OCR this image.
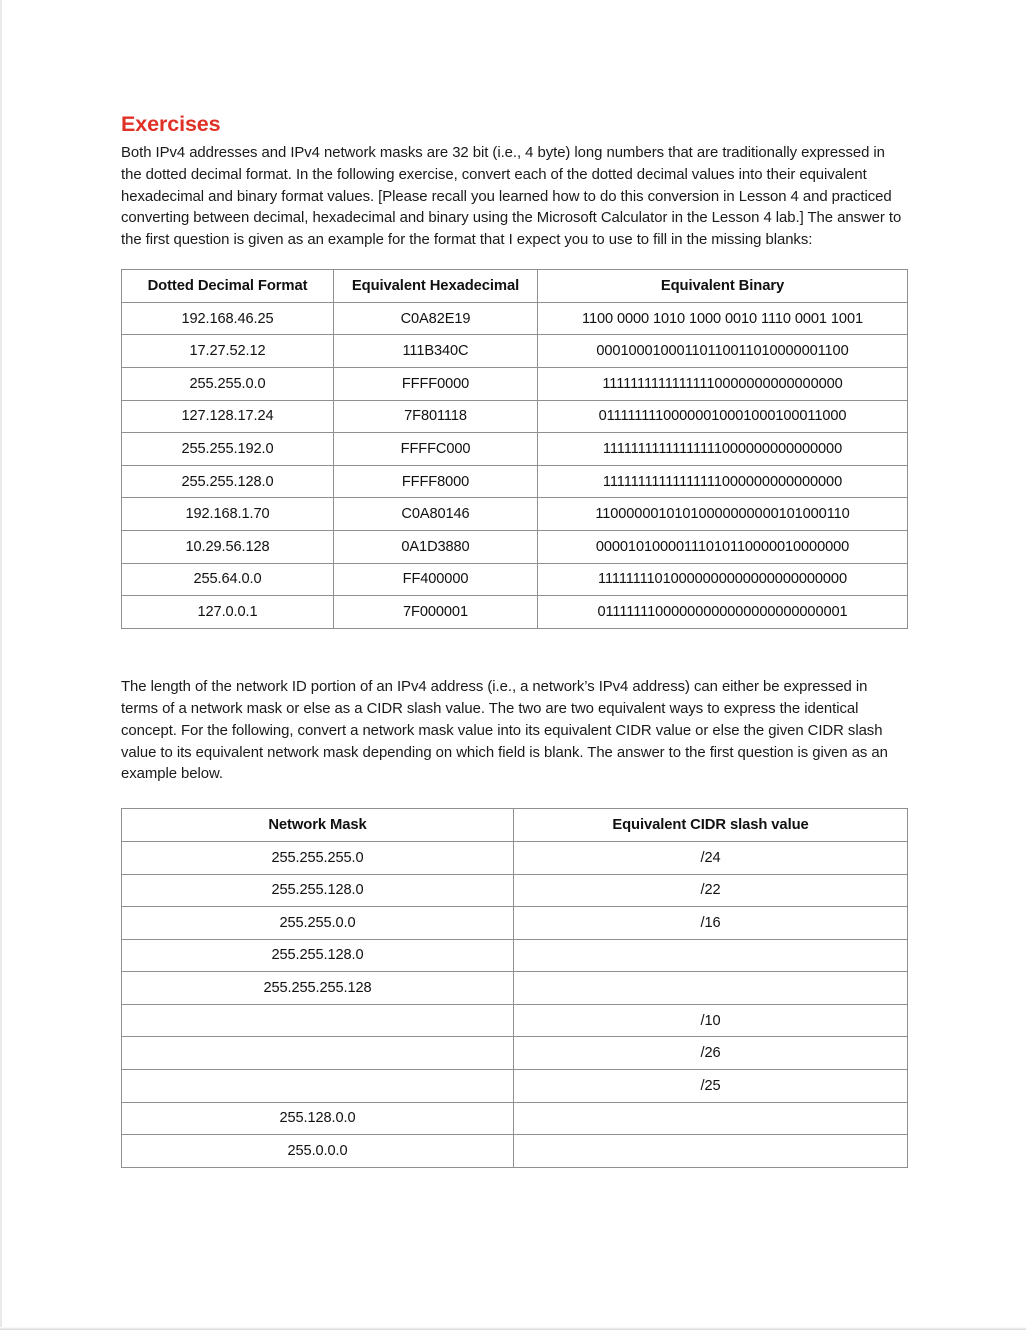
Exercises

Both IPv4 addresses and IPv4 network masks are 32 bit (i.e., 4 byte) long numbers that are traditionally expressed in the dotted decimal format. In the following exercise, convert each of the dotted decimal values into their equivalent hexadecimal and binary format values. [Please recall you learned how to do this conversion in Lesson 4 and practiced converting between decimal, hexadecimal and binary using the Microsoft Calculator in the Lesson 4 lab.] The answer to the first question is given as an example for the format that I expect you to use to fill in the missing blanks:

Dotted Decimal Format	Equivalent Hexadecimal	Equivalent Binary
192.168.46.25	C0A82E19	1100 0000 1010 1000 0010 1110 0001 1001
17.27.52.12	111B340C	00010001000110110011010000001100
255.255.0.0	FFFF0000	11111111111111110000000000000000
127.128.17.24	7F801118	01111111100000010001000100011000
255.255.192.0	FFFFC000	11111111111111111000000000000000
255.255.128.0	FFFF8000	11111111111111111000000000000000
192.168.1.70	C0A80146	11000000101010000000000101000110
10.29.56.128	0A1D3880	00001010000111010110000010000000
255.64.0.0	FF400000	11111111010000000000000000000000
127.0.0.1	7F000001	01111111000000000000000000000001

The length of the network ID portion of an IPv4 address (i.e., a network’s IPv4 address) can either be expressed in terms of a network mask or else as a CIDR slash value. The two are two equivalent ways to express the identical concept. For the following, convert a network mask value into its equivalent CIDR value or else the given CIDR slash value to its equivalent network mask depending on which field is blank. The answer to the first question is given as an example below.

Network Mask	Equivalent CIDR slash value
255.255.255.0	/24
255.255.128.0	/22
255.255.0.0	/16
255.255.128.0	
255.255.255.128	
	/10
	/26
	/25
255.128.0.0	
255.0.0.0	
